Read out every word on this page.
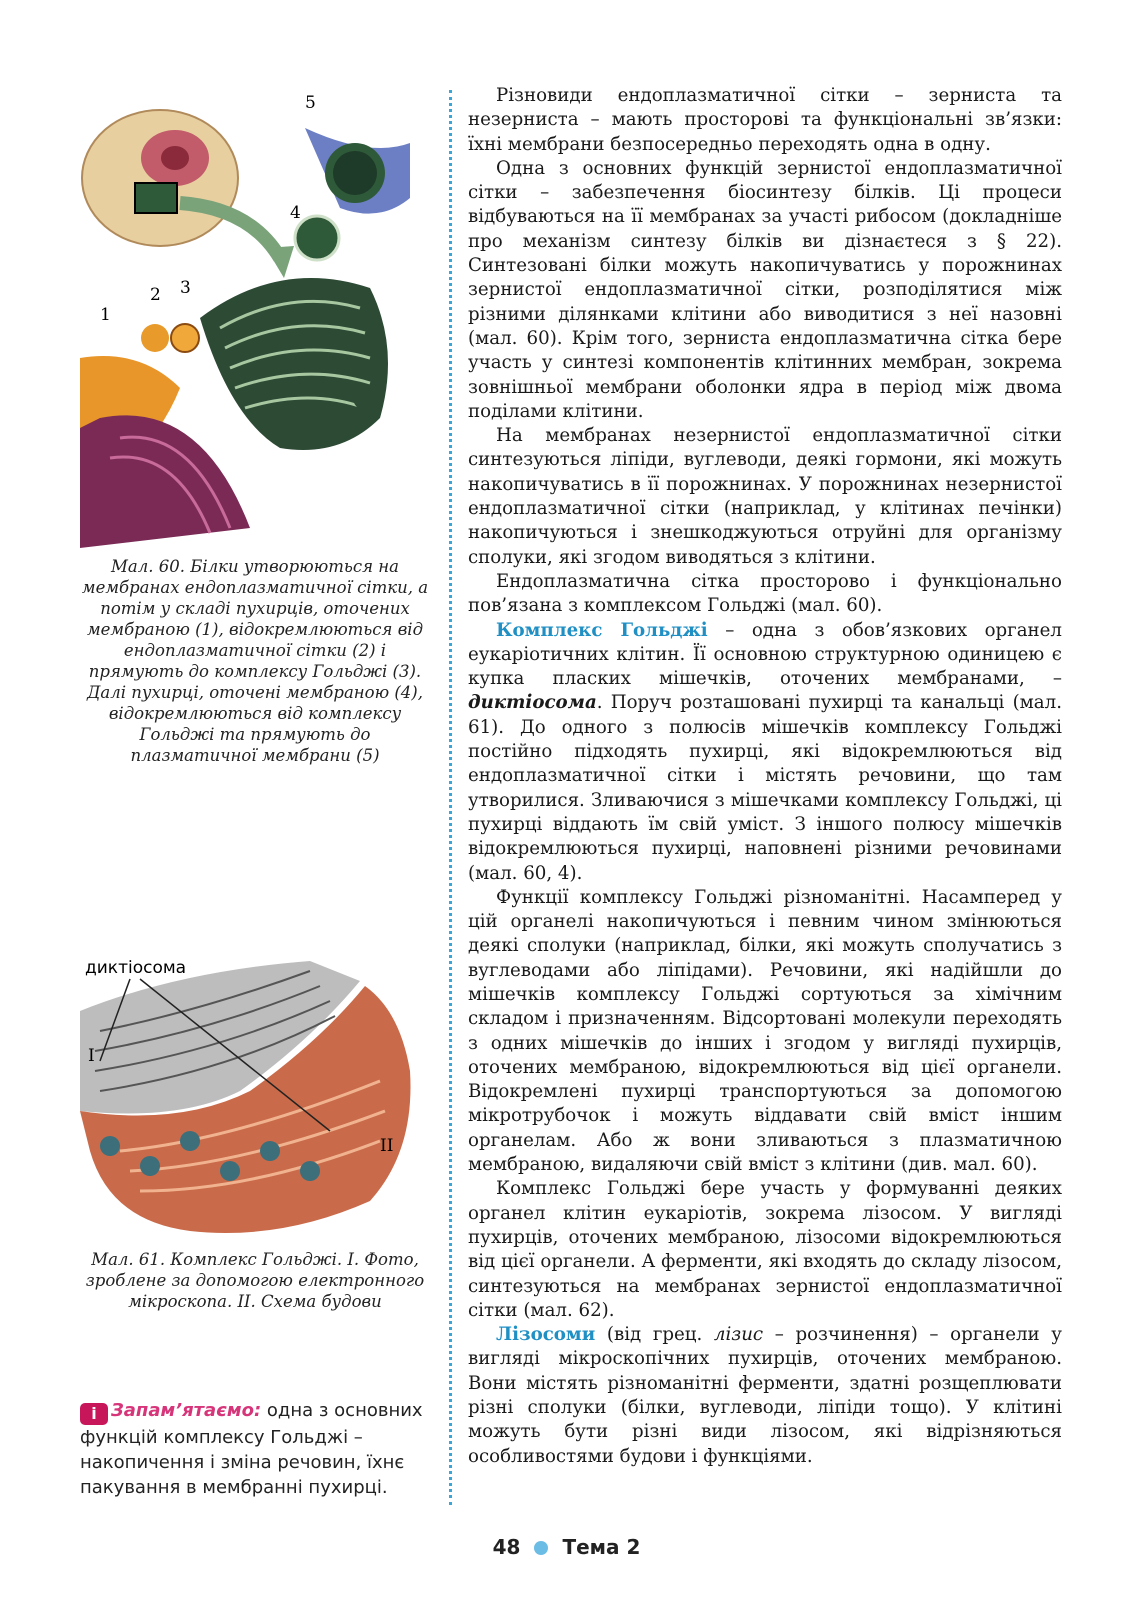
5
4
3
2
1
Мал. 60. Білки утворюються на мембранах ендоплазматичної сітки, а потім у складі пухирців, оточених мембраною (1), відокремлюються від ендоплазматичної сітки (2) і прямують до комплексу Гольджі (3). Далі пухирці, оточені мембраною (4), відокремлюються від комплексу Гольджі та прямують до плазматичної мембрани (5)
диктіосома
I
II
Мал. 61. Комплекс Гольджі. I. Фото, зроблене за допомогою електронного мікроскопа. II. Схема будови
i Запам’ятаємо: одна з основних функцій комплексу Гольджі – накопичення і зміна речовин, їхнє пакування в мембранні пухирці.

Різновиди ендоплазматичної сітки – зерниста та незерниста – мають просторові та функціональні зв’язки: їхні мембрани безпосередньо переходять одна в одну.

Одна з основних функцій зернистої ендоплазматичної сітки – забезпечення біосинтезу білків. Ці процеси відбуваються на її мембранах за участі рибосом (докладніше про механізм синтезу білків ви дізнаєтеся з § 22). Синтезовані білки можуть накопичуватись у порожнинах зернистої ендоплазматичної сітки, розподілятися між різними ділянками клітини або виводитися з неї назовні (мал. 60). Крім того, зерниста ендоплазматична сітка бере участь у синтезі компонентів клітинних мембран, зокрема зовнішньої мембрани оболонки ядра в період між двома поділами клітини.

На мембранах незернистої ендоплазматичної сітки синтезуються ліпіди, вуглеводи, деякі гормони, які можуть накопичуватись в її порожнинах. У порожнинах незернистої ендоплазматичної сітки (наприклад, у клітинах печінки) накопичуються і знешкоджуються отруйні для організму сполуки, які згодом виводяться з клітини.

Ендоплазматична сітка просторово і функціонально пов’язана з комплексом Гольджі (мал. 60).

Комплекс Гольджі – одна з обов’язкових органел еукаріотичних клітин. Її основною структурною одиницею є купка пласких мішечків, оточених мембранами, – диктіосома. Поруч розташовані пухирці та канальці (мал. 61). До одного з полюсів мішечків комплексу Гольджі постійно підходять пухирці, які відокремлюються від ендоплазматичної сітки і містять речовини, що там утворилися. Зливаючися з мішечками комплексу Гольджі, ці пухирці віддають їм свій уміст. З іншого полюсу мішечків відокремлюються пухирці, наповнені різними речовинами (мал. 60, 4).

Функції комплексу Гольджі різноманітні. Насамперед у цій органелі накопичуються і певним чином змінюються деякі сполуки (наприклад, білки, які можуть сполучатись з вуглеводами або ліпідами). Речовини, які надійшли до мішечків комплексу Гольджі сортуються за хімічним складом і призначенням. Відсортовані молекули переходять з одних мішечків до інших і згодом у вигляді пухирців, оточених мембраною, відокремлюються від цієї органели. Відокремлені пухирці транспортуються за допомогою мікротрубочок і можуть віддавати свій вміст іншим органелам. Або ж вони зливаються з плазматичною мембраною, видаляючи свій вміст з клітини (див. мал. 60).

Комплекс Гольджі бере участь у формуванні деяких органел клітин еукаріотів, зокрема лізосом. У вигляді пухирців, оточених мембраною, лізосоми відокремлюються від цієї органели. А ферменти, які входять до складу лізосом, синтезуються на мембранах зернистої ендоплазматичної сітки (мал. 62).

Лізосоми (від грец. лізис – розчинення) – органели у вигляді мікроскопічних пухирців, оточених мембраною. Вони містять різноманітні ферменти, здатні розщеплювати різні сполуки (білки, вуглеводи, ліпіди тощо). У клітині можуть бути різні види лізосом, які відрізняються особливостями будови і функціями.

48 Тема 2
